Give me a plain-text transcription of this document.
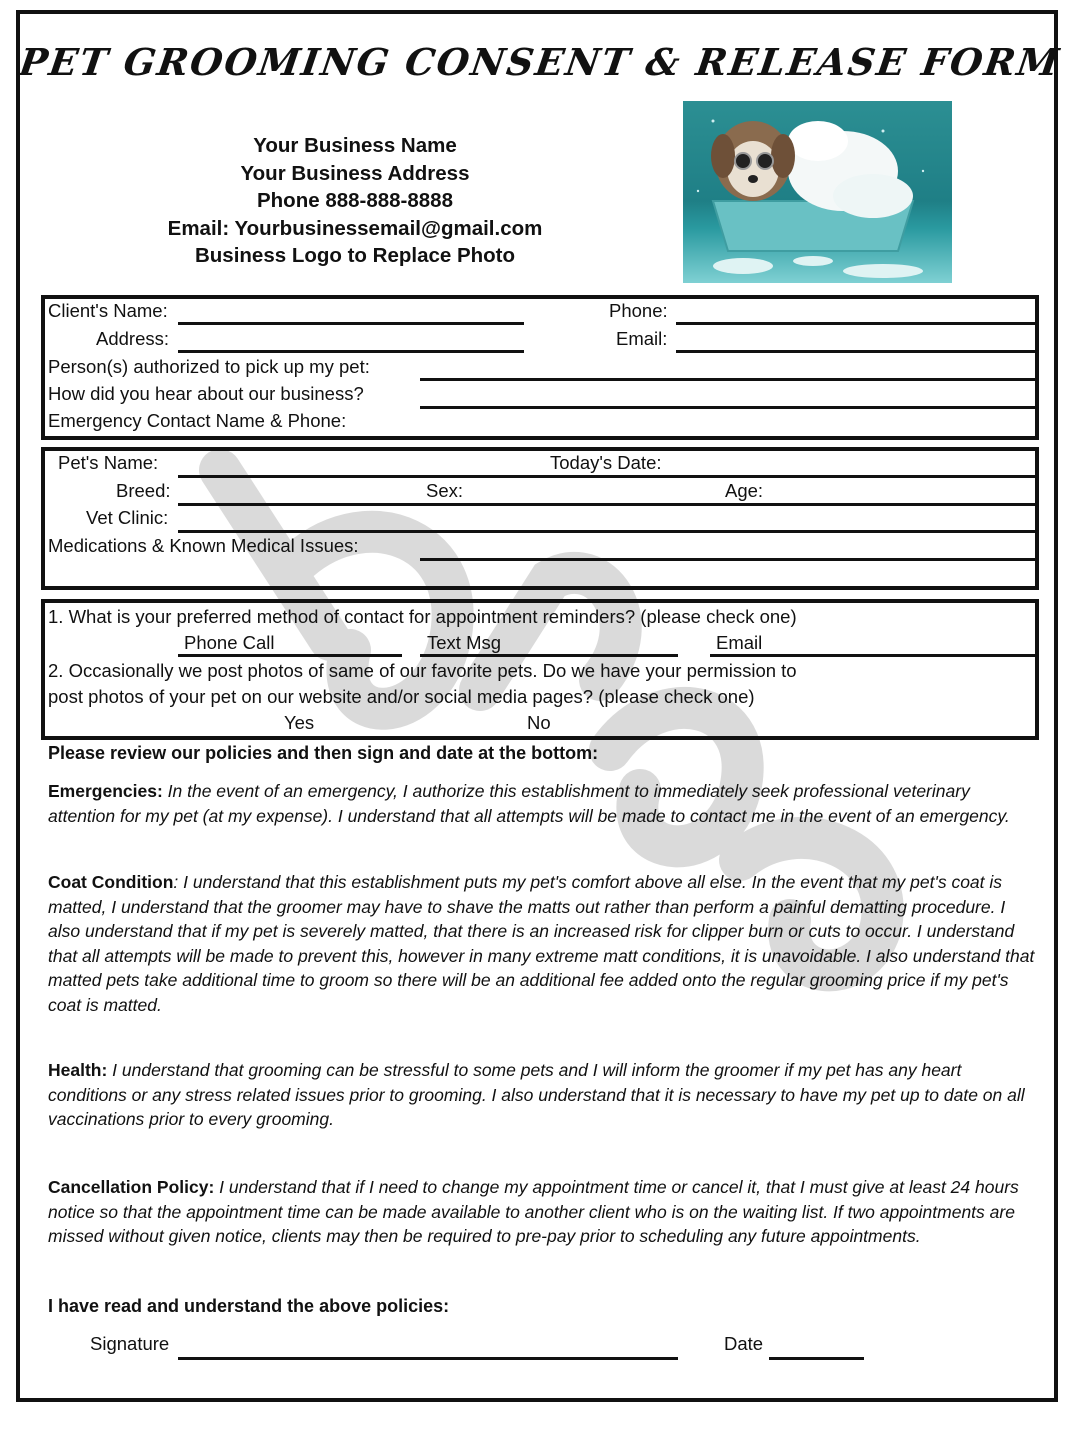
PET GROOMING CONSENT & RELEASE FORM
Your Business Name
Your Business Address
Phone 888-888-8888
Email: Yourbusinessemail@gmail.com
Business Logo to Replace Photo
Client's Name:	Phone:
Address:	Email:
Person(s) authorized to pick up my pet:
How did you hear about our business?
Emergency Contact Name & Phone:
Pet's Name:	Today's Date:
Breed:	Sex:	Age:
Vet Clinic:
Medications & Known Medical Issues:
1. What is your preferred method of contact for appointment reminders? (please check one)
Phone Call	Text Msg	Email
2. Occasionally we post photos of same of our favorite pets. Do we have your permission to
post photos of your pet on our website and/or social media pages? (please check one)
Yes	No
Please review our policies and then sign and date at the bottom:
Emergencies: In the event of an emergency, I authorize this establishment to immediately seek professional veterinary attention for my pet (at my expense). I understand that all attempts will be made to contact me in the event of an emergency.
Coat Condition: I understand that this establishment puts my pet's comfort above all else. In the event that my pet's coat is matted, I understand that the groomer may have to shave the matts out rather than perform a painful dematting procedure. I also understand that if my pet is severely matted, that there is an increased risk for clipper burn or cuts to occur. I understand that all attempts will be made to prevent this, however in many extreme matt conditions, it is unavoidable. I also understand that matted pets take additional time to groom so there will be an additional fee added onto the regular grooming price if my pet's coat is matted.
Health: I understand that grooming can be stressful to some pets and I will inform the groomer if my pet has any heart conditions or any stress related issues prior to grooming. I also understand that it is necessary to have my pet up to date on all vaccinations prior to every grooming.
Cancellation Policy: I understand that if I need to change my appointment time or cancel it, that I must give at least 24 hours notice so that the appointment time can be made available to another client who is on the waiting list. If two appointments are missed without given notice, clients may then be required to pre-pay prior to scheduling any future appointments.
I have read and understand the above policies:
Signature	Date
